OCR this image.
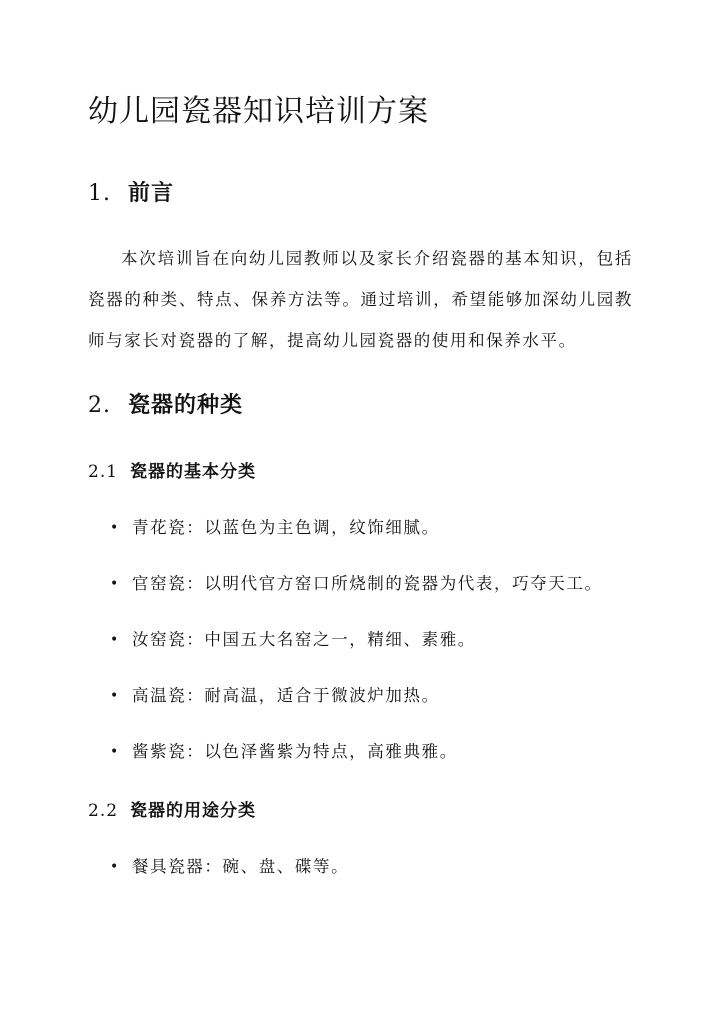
幼儿园瓷器知识培训方案
1. 前言

本次培训旨在向幼儿园教师以及家长介绍瓷器的基本知识，包括瓷器的种类、特点、保养方法等。通过培训，希望能够加深幼儿园教师与家长对瓷器的了解，提高幼儿园瓷器的使用和保养水平。

2. 瓷器的种类
2.1 瓷器的基本分类

• 青花瓷：以蓝色为主色调，纹饰细腻。

• 官窑瓷：以明代官方窑口所烧制的瓷器为代表，巧夺天工。

• 汝窑瓷：中国五大名窑之一，精细、素雅。

• 高温瓷：耐高温，适合于微波炉加热。

• 酱紫瓷：以色泽酱紫为特点，高雅典雅。

2.2 瓷器的用途分类

• 餐具瓷器：碗、盘、碟等。
